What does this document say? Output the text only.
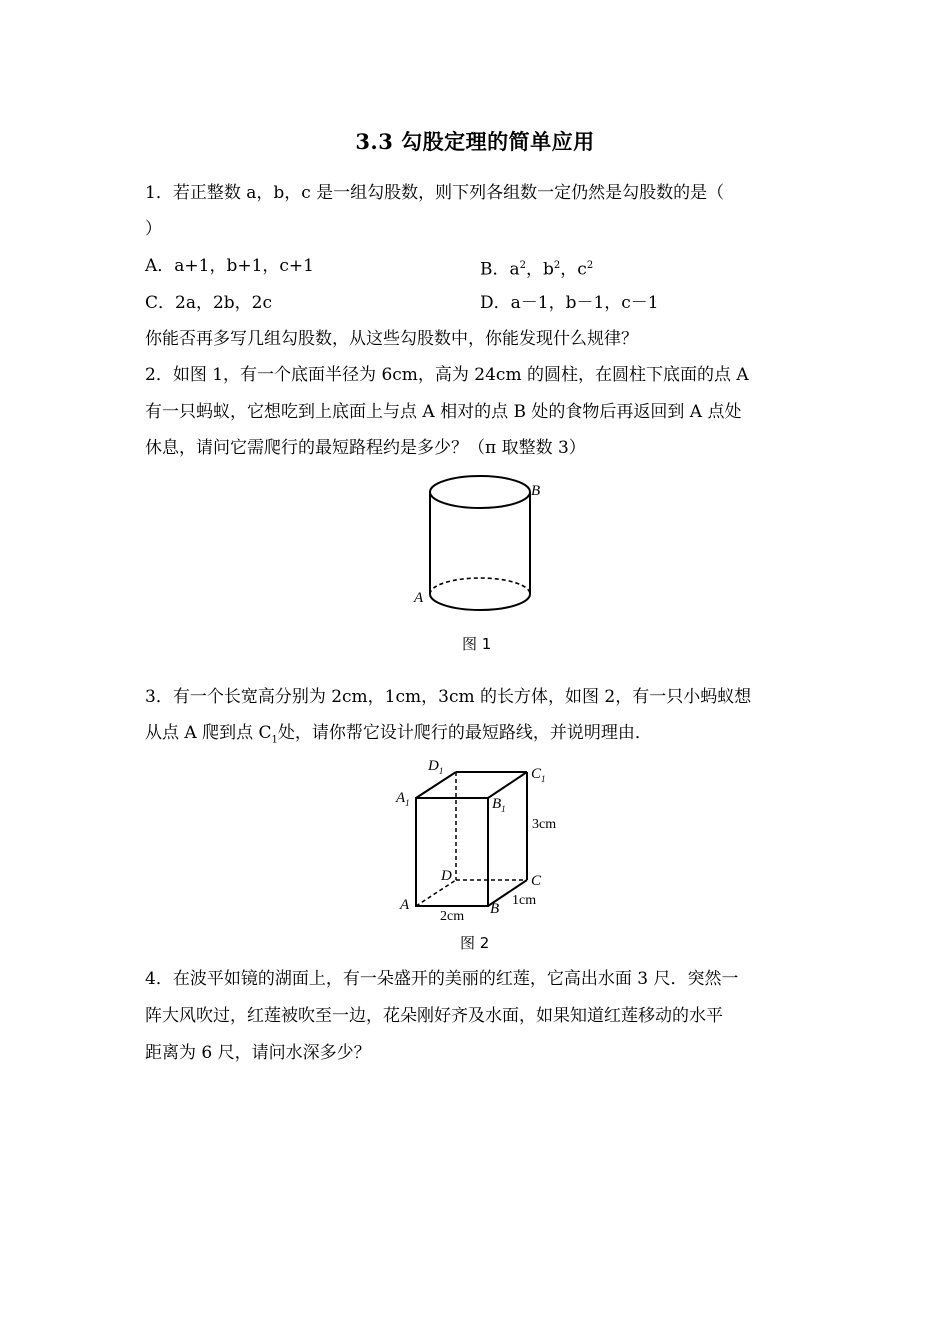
3.3 勾股定理的简单应用
1．若正整数 a，b，c 是一组勾股数，则下列各组数一定仍然是勾股数的是（
）
A．a+1，b+1，c+1	B．$a^2$，$b^2$，$c^2$
C．2a，2b，2c	D．a－1，b－1，c－1
你能否再多写几组勾股数，从这些勾股数中，你能发现什么规律？
2．如图 1，有一个底面半径为 6cm，高为 24cm 的圆柱，在圆柱下底面的点 A
有一只蚂蚁，它想吃到上底面上与点 A 相对的点 B 处的食物后再返回到 A 点处
休息，请问它需爬行的最短路程约是多少？（π 取整数 3）
A
B
图 1
3．有一个长宽高分别为 2cm，1cm，3cm 的长方体，如图 2，有一只小蚂蚁想
从点 A 爬到点 $C_1$处，请你帮它设计爬行的最短路线，并说明理由．
$D_1$	$C_1$
$A_1$	$B_1$
D	C
A	B
3cm
1cm
2cm
图 2
4．在波平如镜的湖面上，有一朵盛开的美丽的红莲，它高出水面 3 尺．突然一
阵大风吹过，红莲被吹至一边，花朵刚好齐及水面，如果知道红莲移动的水平
距离为 6 尺，请问水深多少？
